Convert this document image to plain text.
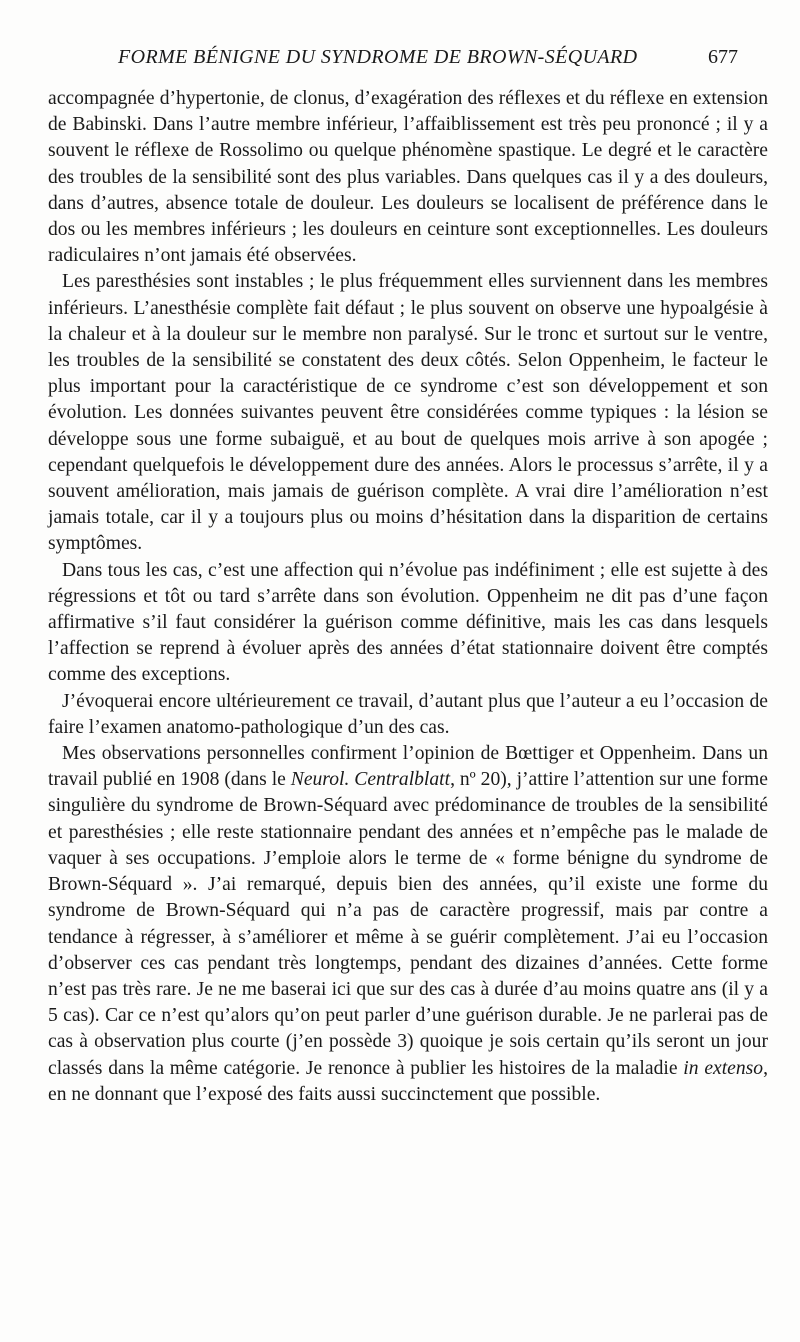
FORME BÉNIGNE DU SYNDROME DE BROWN-SÉQUARD	677

accompagnée d’hypertonie, de clonus, d’exagération des réflexes et du réflexe en extension de Babinski. Dans l’autre membre inférieur, l’affaiblissement est très peu prononcé ; il y a souvent le réflexe de Rossolimo ou quelque phénomène spastique. Le degré et le caractère des troubles de la sensibilité sont des plus variables. Dans quelques cas il y a des douleurs, dans d’autres, absence totale de douleur. Les douleurs se localisent de préférence dans le dos ou les membres inférieurs ; les douleurs en ceinture sont exceptionnelles. Les douleurs radiculaires n’ont jamais été observées.

Les paresthésies sont instables ; le plus fréquemment elles surviennent dans les membres inférieurs. L’anesthésie complète fait défaut ; le plus souvent on observe une hypoalgésie à la chaleur et à la douleur sur le membre non paralysé. Sur le tronc et surtout sur le ventre, les troubles de la sensibilité se constatent des deux côtés. Selon Oppenheim, le facteur le plus important pour la caractéristique de ce syndrome c’est son développement et son évolution. Les données suivantes peuvent être considérées comme typiques : la lésion se développe sous une forme subaiguë, et au bout de quelques mois arrive à son apogée ; cependant quelquefois le développement dure des années. Alors le processus s’arrête, il y a souvent amélioration, mais jamais de guérison complète. A vrai dire l’amélioration n’est jamais totale, car il y a toujours plus ou moins d’hésitation dans la disparition de certains symptômes.

Dans tous les cas, c’est une affection qui n’évolue pas indéfiniment ; elle est sujette à des régressions et tôt ou tard s’arrête dans son évolution. Oppenheim ne dit pas d’une façon affirmative s’il faut considérer la guérison comme définitive, mais les cas dans lesquels l’affection se reprend à évoluer après des années d’état stationnaire doivent être comptés comme des exceptions.

J’évoquerai encore ultérieurement ce travail, d’autant plus que l’auteur a eu l’occasion de faire l’examen anatomo-pathologique d’un des cas.

Mes observations personnelles confirment l’opinion de Bœttiger et Oppenheim. Dans un travail publié en 1908 (dans le Neurol. Centralblatt, nº 20), j’attire l’attention sur une forme singulière du syndrome de Brown-Séquard avec prédominance de troubles de la sensibilité et paresthésies ; elle reste stationnaire pendant des années et n’empêche pas le malade de vaquer à ses occupations. J’emploie alors le terme de « forme bénigne du syndrome de Brown-Séquard ». J’ai remarqué, depuis bien des années, qu’il existe une forme du syndrome de Brown-Séquard qui n’a pas de caractère progressif, mais par contre a tendance à régresser, à s’améliorer et même à se guérir complètement. J’ai eu l’occasion d’observer ces cas pendant très longtemps, pendant des dizaines d’années. Cette forme n’est pas très rare. Je ne me baserai ici que sur des cas à durée d’au moins quatre ans (il y a 5 cas). Car ce n’est qu’alors qu’on peut parler d’une guérison durable. Je ne parlerai pas de cas à observation plus courte (j’en possède 3) quoique je sois certain qu’ils seront un jour classés dans la même catégorie. Je renonce à publier les histoires de la maladie in extenso, en ne donnant que l’exposé des faits aussi succinctement que possible.
